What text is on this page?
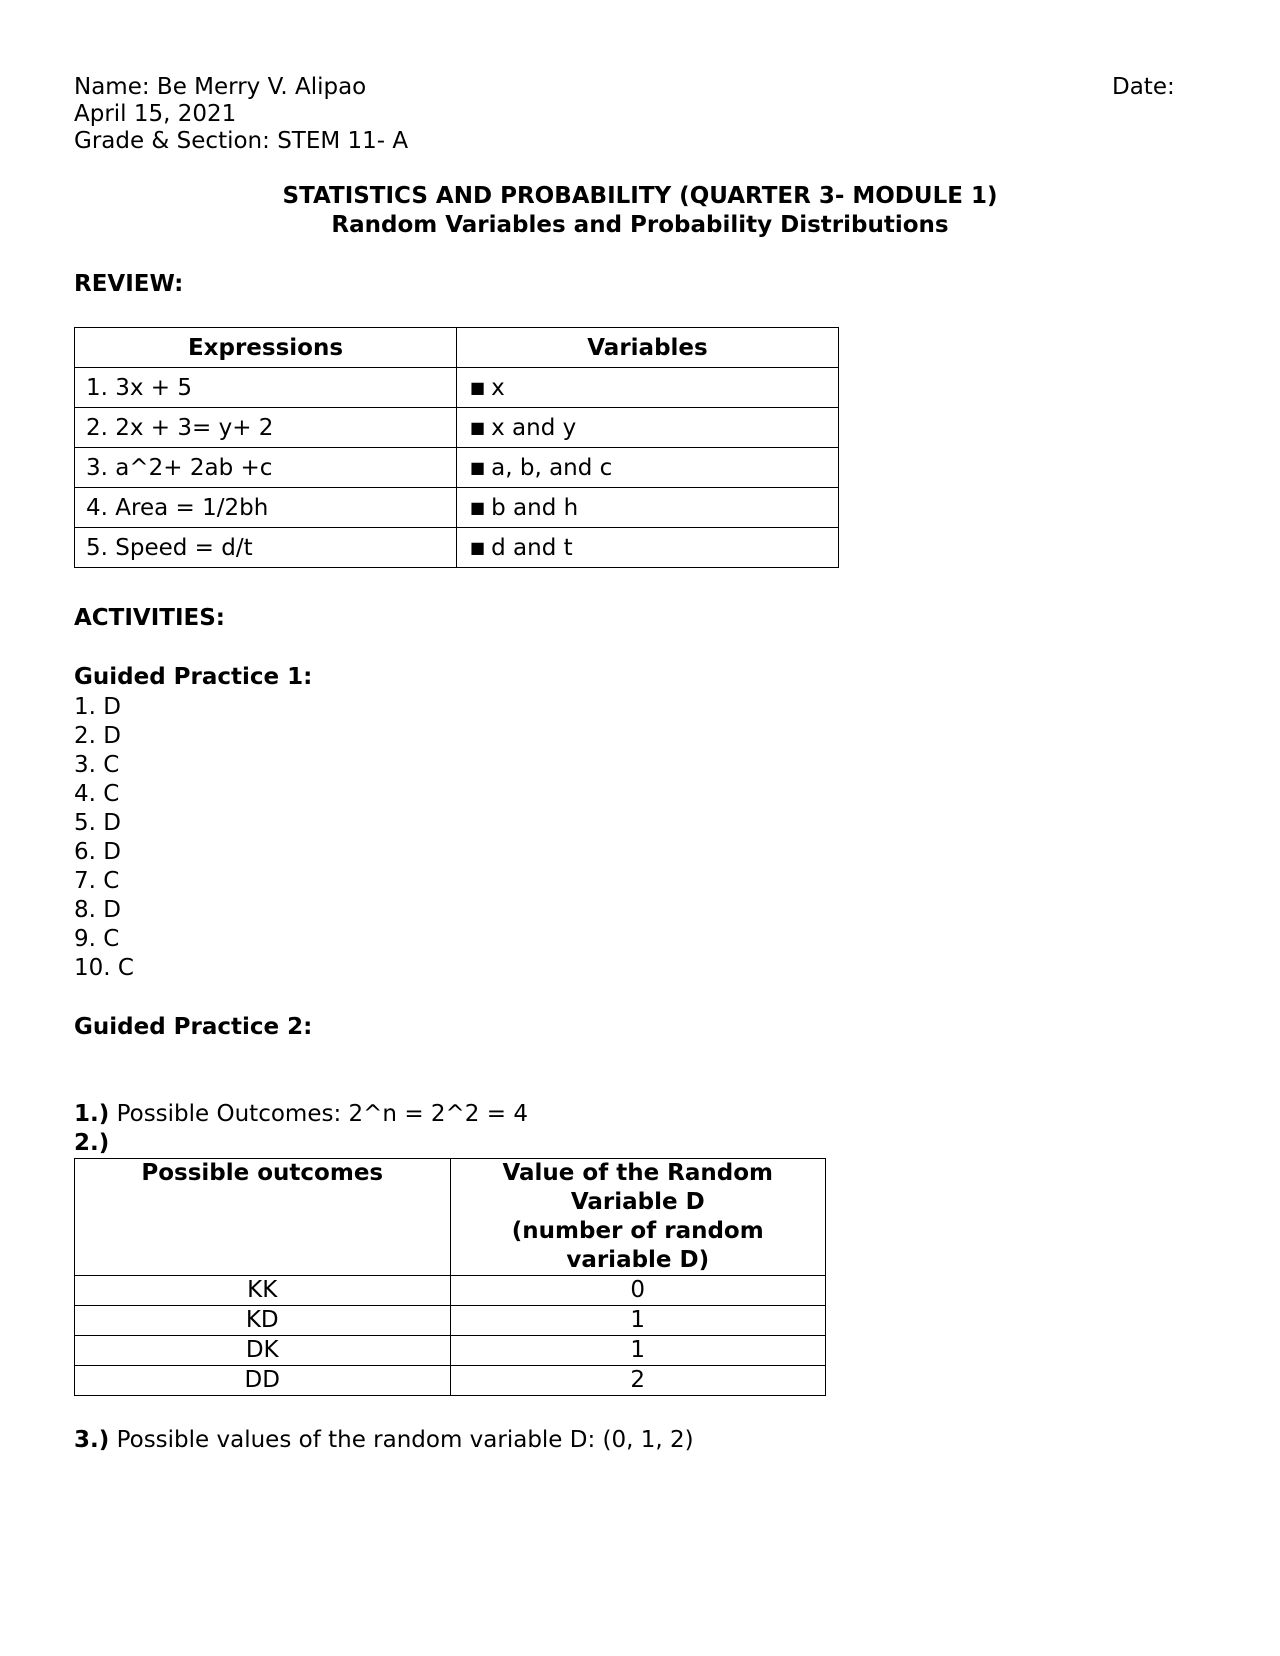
Name: Be Merry V. Alipao	Date:
April 15, 2021
Grade & Section: STEM 11- A
STATISTICS AND PROBABILITY (QUARTER 3- MODULE 1)
Random Variables and Probability Distributions
REVIEW:
Expressions	Variables
1. 3x + 5	■ x
2. 2x + 3= y+ 2	■ x and y
3. a^2+ 2ab +c	■ a, b, and c
4. Area = 1/2bh	■ b and h
5. Speed = d/t	■ d and t
ACTIVITIES:
Guided Practice 1:
1. D
2. D
3. C
4. C
5. D
6. D
7. C
8. D
9. C
10. C
Guided Practice 2:
1.) Possible Outcomes: 2^n = 2^2 = 4
2.)
Possible outcomes	Value of the Random
Variable D
(number of random
variable D)

KK	0
KD	1
DK	1
DD	2
3.) Possible values of the random variable D: (0, 1, 2)
